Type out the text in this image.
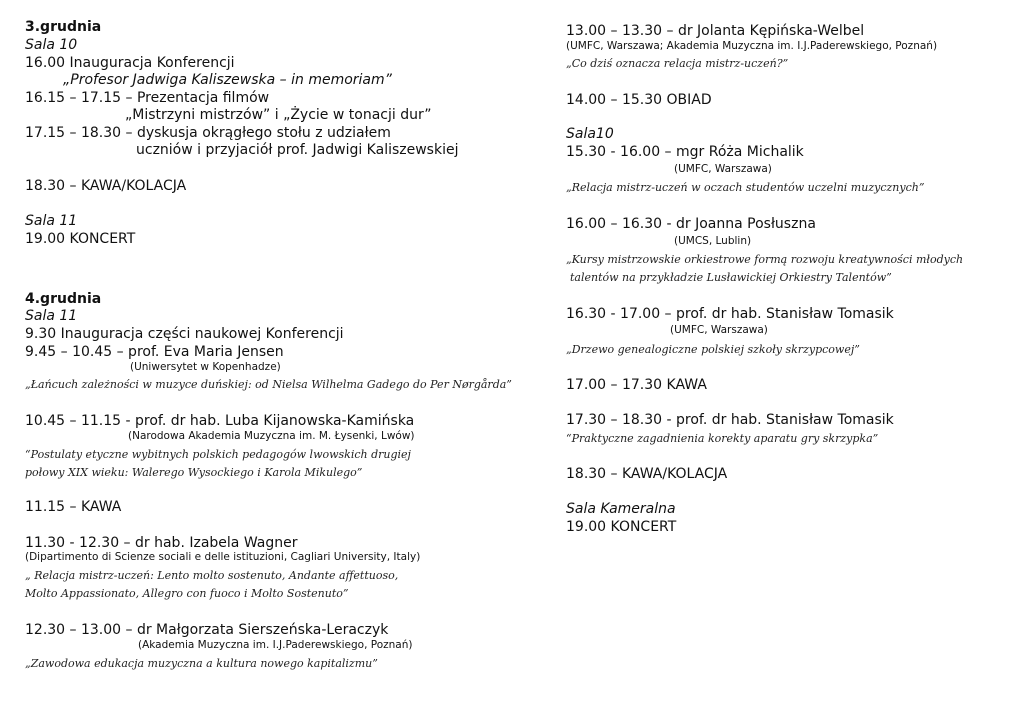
3.grudnia
Sala 10
16.00 Inauguracja Konferencji
„Profesor Jadwiga Kaliszewska – in memoriam”
16.15 – 17.15 – Prezentacja filmów
„Mistrzyni mistrzów” i „Życie w tonacji dur”
17.15 – 18.30 – dyskusja okrągłego stołu z udziałem
uczniów i przyjaciół prof. Jadwigi Kaliszewskiej
18.30 – KAWA/KOLACJA
Sala 11
19.00 KONCERT
4.grudnia
Sala 11
9.30 Inauguracja części naukowej Konferencji
9.45 – 10.45 – prof. Eva Maria Jensen
(Uniwersytet w Kopenhadze)
„Łańcuch zależności w muzyce duńskiej: od Nielsa Wilhelma Gadego do Per Nørgårda”
10.45 – 11.15 - prof. dr hab. Luba Kijanowska-Kamińska
(Narodowa Akademia Muzyczna im. M. Łysenki, Lwów)
“Postulaty etyczne wybitnych polskich pedagogów lwowskich drugiej
połowy XIX wieku: Walerego Wysockiego i Karola Mikulego”
11.15 – KAWA
11.30 - 12.30 – dr hab. Izabela Wagner
(Dipartimento di Scienze sociali e delle istituzioni, Cagliari University, Italy)
„ Relacja mistrz-uczeń: Lento molto sostenuto, Andante affettuoso,
Molto Appassionato, Allegro con fuoco i Molto Sostenuto”
12.30 – 13.00 – dr Małgorzata Sierszeńska-Leraczyk
(Akademia Muzyczna im. I.J.Paderewskiego, Poznań)
„Zawodowa edukacja muzyczna a kultura nowego kapitalizmu”
13.00 – 13.30 – dr Jolanta Kępińska-Welbel
(UMFC, Warszawa; Akademia Muzyczna im. I.J.Paderewskiego, Poznań)
„Co dziś oznacza relacja mistrz-uczeń?”
14.00 – 15.30 OBIAD
Sala10
15.30 - 16.00 – mgr Róża Michalik
(UMFC, Warszawa)
„Relacja mistrz-uczeń w oczach studentów uczelni muzycznych”
16.00 – 16.30 - dr Joanna Posłuszna
(UMCS, Lublin)
„Kursy mistrzowskie orkiestrowe formą rozwoju kreatywności młodych
talentów na przykładzie Lusławickiej Orkiestry Talentów”
16.30 - 17.00 – prof. dr hab. Stanisław Tomasik
(UMFC, Warszawa)
„Drzewo genealogiczne polskiej szkoły skrzypcowej”
17.00 – 17.30 KAWA
17.30 – 18.30 - prof. dr hab. Stanisław Tomasik
“Praktyczne zagadnienia korekty aparatu gry skrzypka”
18.30 – KAWA/KOLACJA
Sala Kameralna
19.00 KONCERT
